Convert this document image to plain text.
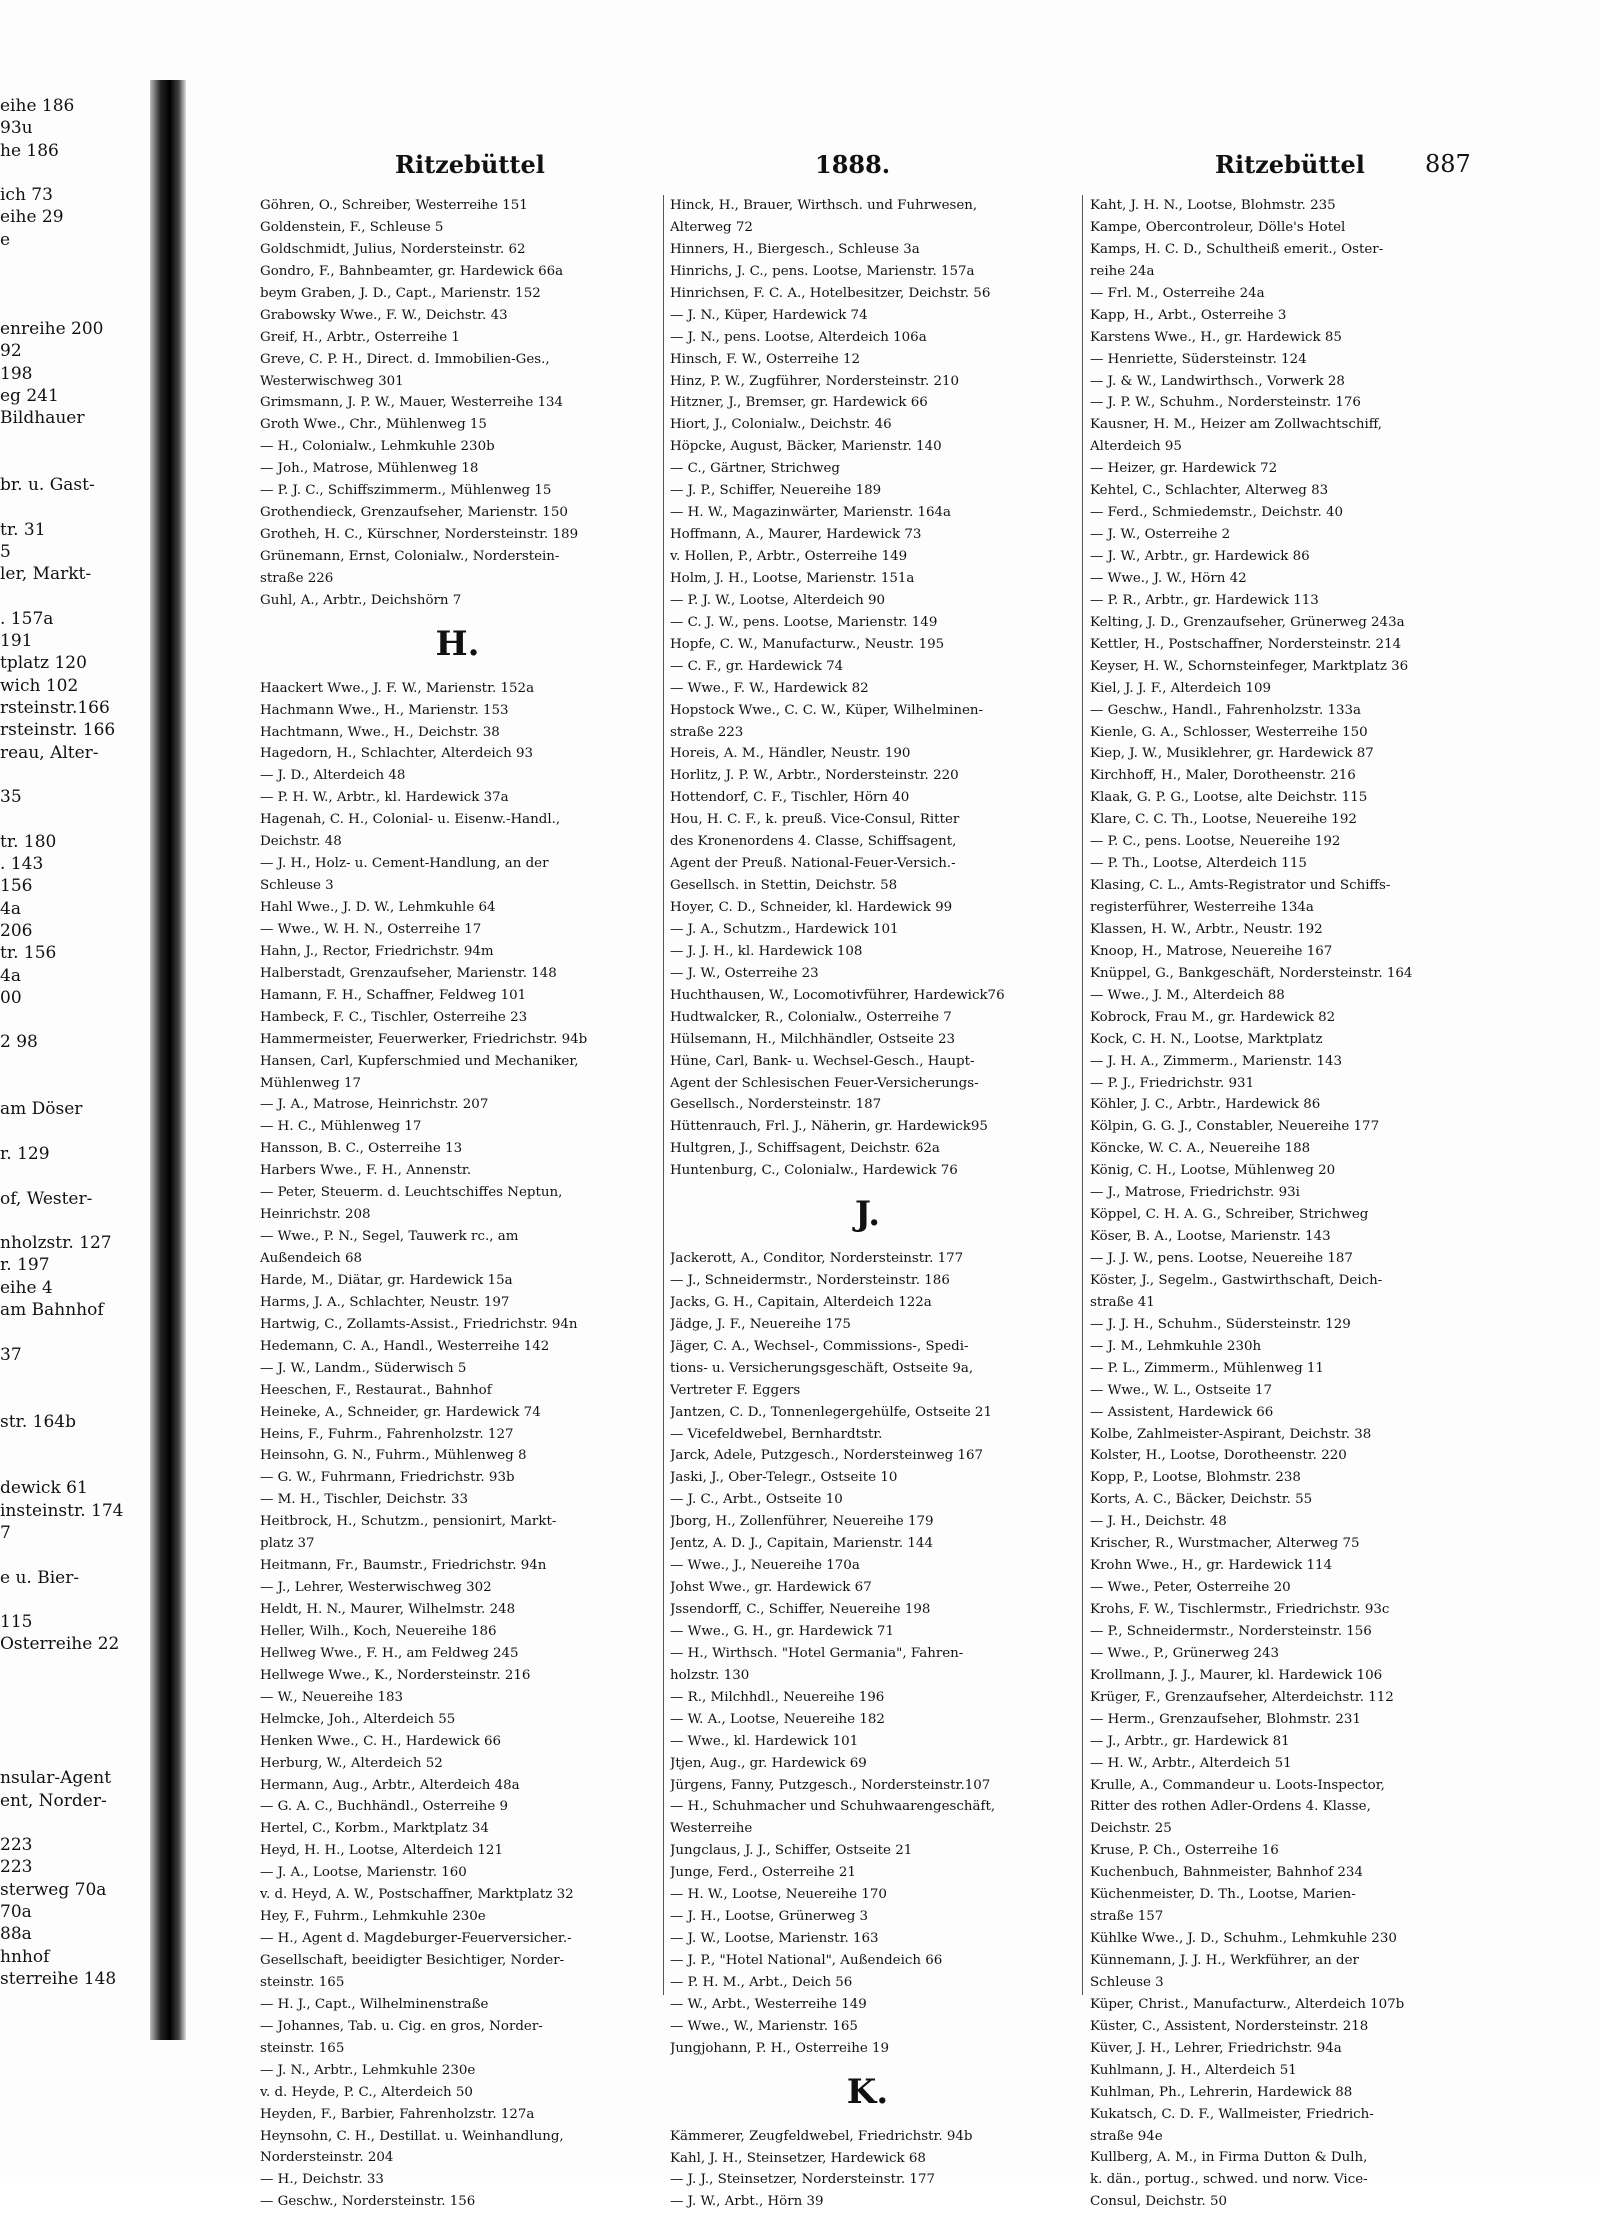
eihe 186
93u
he 186
ich 73
eihe 29
e
enreihe 200
92
198
eg 241
Bildhauer
br. u. Gast-
tr. 31
5
ler, Markt-
. 157a
191
tplatz 120
wich 102
rsteinstr.166
rsteinstr. 166
reau, Alter-
35
tr. 180
. 143
156
4a
206
tr. 156
4a
00
2 98
am Döser
r. 129
of, Wester-
nholzstr. 127
r. 197
eihe 4
am Bahnhof
37
str. 164b
dewick 61
insteinstr. 174
7
e u. Bier-
115
Osterreihe 22
nsular-Agent
ent, Norder-
223
223
sterweg 70a
70a
88a
hnhof
sterreihe 148
Ritzebüttel	1888.	Ritzebüttel	887
Göhren, O., Schreiber, Westerreihe 151
Goldenstein, F., Schleuse 5
Goldschmidt, Julius, Nordersteinstr. 62
Gondro, F., Bahnbeamter, gr. Hardewick 66a
beym Graben, J. D., Capt., Marienstr. 152
Grabowsky Wwe., F. W., Deichstr. 43
Greif, H., Arbtr., Osterreihe 1
Greve, C. P. H., Direct. d. Immobilien-Ges.,
Westerwischweg 301
Grimsmann, J. P. W., Mauer, Westerreihe 134
Groth Wwe., Chr., Mühlenweg 15
— H., Colonialw., Lehmkuhle 230b
— Joh., Matrose, Mühlenweg 18
— P. J. C., Schiffszimmerm., Mühlenweg 15
Grothendieck, Grenzaufseher, Marienstr. 150
Grotheh, H. C., Kürschner, Nordersteinstr. 189
Grünemann, Ernst, Colonialw., Norderstein-
straße 226
Guhl, A., Arbtr., Deichshörn 7
H.
Haackert Wwe., J. F. W., Marienstr. 152a
Hachmann Wwe., H., Marienstr. 153
Hachtmann, Wwe., H., Deichstr. 38
Hagedorn, H., Schlachter, Alterdeich 93
— J. D., Alterdeich 48
— P. H. W., Arbtr., kl. Hardewick 37a
Hagenah, C. H., Colonial- u. Eisenw.-Handl.,
Deichstr. 48
— J. H., Holz- u. Cement-Handlung, an der
Schleuse 3
Hahl Wwe., J. D. W., Lehmkuhle 64
— Wwe., W. H. N., Osterreihe 17
Hahn, J., Rector, Friedrichstr. 94m
Halberstadt, Grenzaufseher, Marienstr. 148
Hamann, F. H., Schaffner, Feldweg 101
Hambeck, F. C., Tischler, Osterreihe 23
Hammermeister, Feuerwerker, Friedrichstr. 94b
Hansen, Carl, Kupferschmied und Mechaniker,
Mühlenweg 17
— J. A., Matrose, Heinrichstr. 207
— H. C., Mühlenweg 17
Hansson, B. C., Osterreihe 13
Harbers Wwe., F. H., Annenstr.
— Peter, Steuerm. d. Leuchtschiffes Neptun,
Heinrichstr. 208
— Wwe., P. N., Segel, Tauwerk rc., am
Außendeich 68
Harde, M., Diätar, gr. Hardewick 15a
Harms, J. A., Schlachter, Neustr. 197
Hartwig, C., Zollamts-Assist., Friedrichstr. 94n
Hedemann, C. A., Handl., Westerreihe 142
— J. W., Landm., Süderwisch 5
Heeschen, F., Restaurat., Bahnhof
Heineke, A., Schneider, gr. Hardewick 74
Heins, F., Fuhrm., Fahrenholzstr. 127
Heinsohn, G. N., Fuhrm., Mühlenweg 8
— G. W., Fuhrmann, Friedrichstr. 93b
— M. H., Tischler, Deichstr. 33
Heitbrock, H., Schutzm., pensionirt, Markt-
platz 37
Heitmann, Fr., Baumstr., Friedrichstr. 94n
— J., Lehrer, Westerwischweg 302
Heldt, H. N., Maurer, Wilhelmstr. 248
Heller, Wilh., Koch, Neuereihe 186
Hellweg Wwe., F. H., am Feldweg 245
Hellwege Wwe., K., Nordersteinstr. 216
— W., Neuereihe 183
Helmcke, Joh., Alterdeich 55
Henken Wwe., C. H., Hardewick 66
Herburg, W., Alterdeich 52
Hermann, Aug., Arbtr., Alterdeich 48a
— G. A. C., Buchhändl., Osterreihe 9
Hertel, C., Korbm., Marktplatz 34
Heyd, H. H., Lootse, Alterdeich 121
— J. A., Lootse, Marienstr. 160
v. d. Heyd, A. W., Postschaffner, Marktplatz 32
Hey, F., Fuhrm., Lehmkuhle 230e
— H., Agent d. Magdeburger-Feuerversicher.-
Gesellschaft, beeidigter Besichtiger, Norder-
steinstr. 165
— H. J., Capt., Wilhelminenstraße
— Johannes, Tab. u. Cig. en gros, Norder-
steinstr. 165
— J. N., Arbtr., Lehmkuhle 230e
v. d. Heyde, P. C., Alterdeich 50
Heyden, F., Barbier, Fahrenholzstr. 127a
Heynsohn, C. H., Destillat. u. Weinhandlung,
Nordersteinstr. 204
— H., Deichstr. 33
— Geschw., Nordersteinstr. 156
Hinck, H., Brauer, Wirthsch. und Fuhrwesen,
Alterweg 72
Hinners, H., Biergesch., Schleuse 3a
Hinrichs, J. C., pens. Lootse, Marienstr. 157a
Hinrichsen, F. C. A., Hotelbesitzer, Deichstr. 56
— J. N., Küper, Hardewick 74
— J. N., pens. Lootse, Alterdeich 106a
Hinsch, F. W., Osterreihe 12
Hinz, P. W., Zugführer, Nordersteinstr. 210
Hitzner, J., Bremser, gr. Hardewick 66
Hiort, J., Colonialw., Deichstr. 46
Höpcke, August, Bäcker, Marienstr. 140
— C., Gärtner, Strichweg
— J. P., Schiffer, Neuereihe 189
— H. W., Magazinwärter, Marienstr. 164a
Hoffmann, A., Maurer, Hardewick 73
v. Hollen, P., Arbtr., Osterreihe 149
Holm, J. H., Lootse, Marienstr. 151a
— P. J. W., Lootse, Alterdeich 90
— C. J. W., pens. Lootse, Marienstr. 149
Hopfe, C. W., Manufacturw., Neustr. 195
— C. F., gr. Hardewick 74
— Wwe., F. W., Hardewick 82
Hopstock Wwe., C. C. W., Küper, Wilhelminen-
straße 223
Horeis, A. M., Händler, Neustr. 190
Horlitz, J. P. W., Arbtr., Nordersteinstr. 220
Hottendorf, C. F., Tischler, Hörn 40
Hou, H. C. F., k. preuß. Vice-Consul, Ritter
des Kronenordens 4. Classe, Schiffsagent,
Agent der Preuß. National-Feuer-Versich.-
Gesellsch. in Stettin, Deichstr. 58
Hoyer, C. D., Schneider, kl. Hardewick 99
— J. A., Schutzm., Hardewick 101
— J. J. H., kl. Hardewick 108
— J. W., Osterreihe 23
Huchthausen, W., Locomotivführer, Hardewick76
Hudtwalcker, R., Colonialw., Osterreihe 7
Hülsemann, H., Milchhändler, Ostseite 23
Hüne, Carl, Bank- u. Wechsel-Gesch., Haupt-
Agent der Schlesischen Feuer-Versicherungs-
Gesellsch., Nordersteinstr. 187
Hüttenrauch, Frl. J., Näherin, gr. Hardewick95
Hultgren, J., Schiffsagent, Deichstr. 62a
Huntenburg, C., Colonialw., Hardewick 76
J.
Jackerott, A., Conditor, Nordersteinstr. 177
— J., Schneidermstr., Nordersteinstr. 186
Jacks, G. H., Capitain, Alterdeich 122a
Jädge, J. F., Neuereihe 175
Jäger, C. A., Wechsel-, Commissions-, Spedi-
tions- u. Versicherungsgeschäft, Ostseite 9a,
Vertreter F. Eggers
Jantzen, C. D., Tonnenlegergehülfe, Ostseite 21
— Vicefeldwebel, Bernhardtstr.
Jarck, Adele, Putzgesch., Nordersteinweg 167
Jaski, J., Ober-Telegr., Ostseite 10
— J. C., Arbt., Ostseite 10
Jborg, H., Zollenführer, Neuereihe 179
Jentz, A. D. J., Capitain, Marienstr. 144
— Wwe., J., Neuereihe 170a
Johst Wwe., gr. Hardewick 67
Jssendorff, C., Schiffer, Neuereihe 198
— Wwe., G. H., gr. Hardewick 71
— H., Wirthsch. "Hotel Germania", Fahren-
holzstr. 130
— R., Milchhdl., Neuereihe 196
— W. A., Lootse, Neuereihe 182
— Wwe., kl. Hardewick 101
Jtjen, Aug., gr. Hardewick 69
Jürgens, Fanny, Putzgesch., Nordersteinstr.107
— H., Schuhmacher und Schuhwaarengeschäft,
Westerreihe
Jungclaus, J. J., Schiffer, Ostseite 21
Junge, Ferd., Osterreihe 21
— H. W., Lootse, Neuereihe 170
— J. H., Lootse, Grünerweg 3
— J. W., Lootse, Marienstr. 163
— J. P., "Hotel National", Außendeich 66
— P. H. M., Arbt., Deich 56
— W., Arbt., Westerreihe 149
— Wwe., W., Marienstr. 165
Jungjohann, P. H., Osterreihe 19
K.
Kämmerer, Zeugfeldwebel, Friedrichstr. 94b
Kahl, J. H., Steinsetzer, Hardewick 68
— J. J., Steinsetzer, Nordersteinstr. 177
— J. W., Arbt., Hörn 39
Kaht, J. H. N., Lootse, Blohmstr. 235
Kampe, Obercontroleur, Dölle's Hotel
Kamps, H. C. D., Schultheiß emerit., Oster-
reihe 24a
— Frl. M., Osterreihe 24a
Kapp, H., Arbt., Osterreihe 3
Karstens Wwe., H., gr. Hardewick 85
— Henriette, Südersteinstr. 124
— J. & W., Landwirthsch., Vorwerk 28
— J. P. W., Schuhm., Nordersteinstr. 176
Kausner, H. M., Heizer am Zollwachtschiff,
Alterdeich 95
— Heizer, gr. Hardewick 72
Kehtel, C., Schlachter, Alterweg 83
— Ferd., Schmiedemstr., Deichstr. 40
— J. W., Osterreihe 2
— J. W., Arbtr., gr. Hardewick 86
— Wwe., J. W., Hörn 42
— P. R., Arbtr., gr. Hardewick 113
Kelting, J. D., Grenzaufseher, Grünerweg 243a
Kettler, H., Postschaffner, Nordersteinstr. 214
Keyser, H. W., Schornsteinfeger, Marktplatz 36
Kiel, J. J. F., Alterdeich 109
— Geschw., Handl., Fahrenholzstr. 133a
Kienle, G. A., Schlosser, Westerreihe 150
Kiep, J. W., Musiklehrer, gr. Hardewick 87
Kirchhoff, H., Maler, Dorotheenstr. 216
Klaak, G. P. G., Lootse, alte Deichstr. 115
Klare, C. C. Th., Lootse, Neuereihe 192
— P. C., pens. Lootse, Neuereihe 192
— P. Th., Lootse, Alterdeich 115
Klasing, C. L., Amts-Registrator und Schiffs-
registerführer, Westerreihe 134a
Klassen, H. W., Arbtr., Neustr. 192
Knoop, H., Matrose, Neuereihe 167
Knüppel, G., Bankgeschäft, Nordersteinstr. 164
— Wwe., J. M., Alterdeich 88
Kobrock, Frau M., gr. Hardewick 82
Kock, C. H. N., Lootse, Marktplatz
— J. H. A., Zimmerm., Marienstr. 143
— P. J., Friedrichstr. 931
Köhler, J. C., Arbtr., Hardewick 86
Kölpin, G. G. J., Constabler, Neuereihe 177
Köncke, W. C. A., Neuereihe 188
König, C. H., Lootse, Mühlenweg 20
— J., Matrose, Friedrichstr. 93i
Köppel, C. H. A. G., Schreiber, Strichweg
Köser, B. A., Lootse, Marienstr. 143
— J. J. W., pens. Lootse, Neuereihe 187
Köster, J., Segelm., Gastwirthschaft, Deich-
straße 41
— J. J. H., Schuhm., Südersteinstr. 129
— J. M., Lehmkuhle 230h
— P. L., Zimmerm., Mühlenweg 11
— Wwe., W. L., Ostseite 17
— Assistent, Hardewick 66
Kolbe, Zahlmeister-Aspirant, Deichstr. 38
Kolster, H., Lootse, Dorotheenstr. 220
Kopp, P., Lootse, Blohmstr. 238
Korts, A. C., Bäcker, Deichstr. 55
— J. H., Deichstr. 48
Krischer, R., Wurstmacher, Alterweg 75
Krohn Wwe., H., gr. Hardewick 114
— Wwe., Peter, Osterreihe 20
Krohs, F. W., Tischlermstr., Friedrichstr. 93c
— P., Schneidermstr., Nordersteinstr. 156
— Wwe., P., Grünerweg 243
Krollmann, J. J., Maurer, kl. Hardewick 106
Krüger, F., Grenzaufseher, Alterdeichstr. 112
— Herm., Grenzaufseher, Blohmstr. 231
— J., Arbtr., gr. Hardewick 81
— H. W., Arbtr., Alterdeich 51
Krulle, A., Commandeur u. Loots-Inspector,
Ritter des rothen Adler-Ordens 4. Klasse,
Deichstr. 25
Kruse, P. Ch., Osterreihe 16
Kuchenbuch, Bahnmeister, Bahnhof 234
Küchenmeister, D. Th., Lootse, Marien-
straße 157
Kühlke Wwe., J. D., Schuhm., Lehmkuhle 230
Künnemann, J. J. H., Werkführer, an der
Schleuse 3
Küper, Christ., Manufacturw., Alterdeich 107b
Küster, C., Assistent, Nordersteinstr. 218
Küver, J. H., Lehrer, Friedrichstr. 94a
Kuhlmann, J. H., Alterdeich 51
Kuhlman, Ph., Lehrerin, Hardewick 88
Kukatsch, C. D. F., Wallmeister, Friedrich-
straße 94e
Kullberg, A. M., in Firma Dutton & Dulh,
k. dän., portug., schwed. und norw. Vice-
Consul, Deichstr. 50
